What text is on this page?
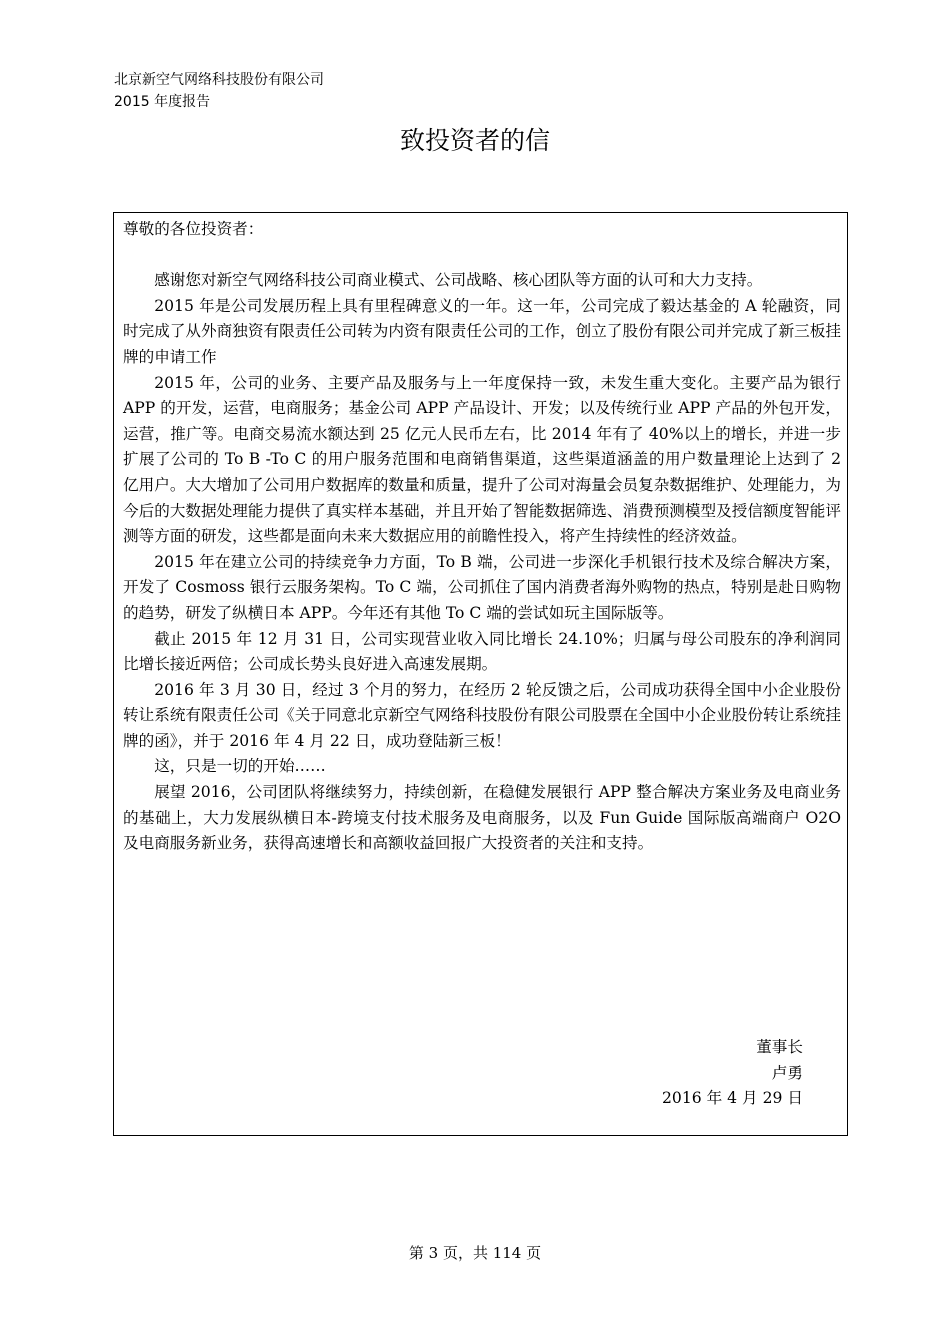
北京新空气网络科技股份有限公司
2015 年度报告
致投资者的信

尊敬的各位投资者：

感谢您对新空气网络科技公司商业模式、公司战略、核心团队等方面的认可和大力支持。

2015 年是公司发展历程上具有里程碑意义的一年。这一年，公司完成了毅达基金的 A 轮融资，同时完成了从外商独资有限责任公司转为内资有限责任公司的工作，创立了股份有限公司并完成了新三板挂牌的申请工作

2015 年，公司的业务、主要产品及服务与上一年度保持一致，未发生重大变化。主要产品为银行 APP 的开发，运营，电商服务；基金公司 APP 产品设计、开发；以及传统行业 APP 产品的外包开发，运营，推广等。电商交易流水额达到 25 亿元人民币左右，比 2014 年有了 40%以上的增长，并进一步扩展了公司的 To B -To C 的用户服务范围和电商销售渠道，这些渠道涵盖的用户数量理论上达到了 2 亿用户。大大增加了公司用户数据库的数量和质量，提升了公司对海量会员复杂数据维护、处理能力，为今后的大数据处理能力提供了真实样本基础，并且开始了智能数据筛选、消费预测模型及授信额度智能评测等方面的研发，这些都是面向未来大数据应用的前瞻性投入，将产生持续性的经济效益。

2015 年在建立公司的持续竞争力方面，To B 端，公司进一步深化手机银行技术及综合解决方案，开发了 Cosmoss 银行云服务架构。To C 端，公司抓住了国内消费者海外购物的热点，特别是赴日购物的趋势，研发了纵横日本 APP。今年还有其他 To C 端的尝试如玩主国际版等。

截止 2015 年 12 月 31 日，公司实现营业收入同比增长 24.10%；归属与母公司股东的净利润同比增长接近两倍；公司成长势头良好进入高速发展期。

2016 年 3 月 30 日，经过 3 个月的努力，在经历 2 轮反馈之后，公司成功获得全国中小企业股份转让系统有限责任公司《关于同意北京新空气网络科技股份有限公司股票在全国中小企业股份转让系统挂牌的函》，并于 2016 年 4 月 22 日，成功登陆新三板！

这，只是一切的开始……

展望 2016，公司团队将继续努力，持续创新，在稳健发展银行 APP 整合解决方案业务及电商业务的基础上，大力发展纵横日本-跨境支付技术服务及电商服务，以及 Fun Guide 国际版高端商户 O2O 及电商服务新业务，获得高速增长和高额收益回报广大投资者的关注和支持。

董事长
卢勇
2016 年 4 月 29 日
第 3 页，共 114 页
